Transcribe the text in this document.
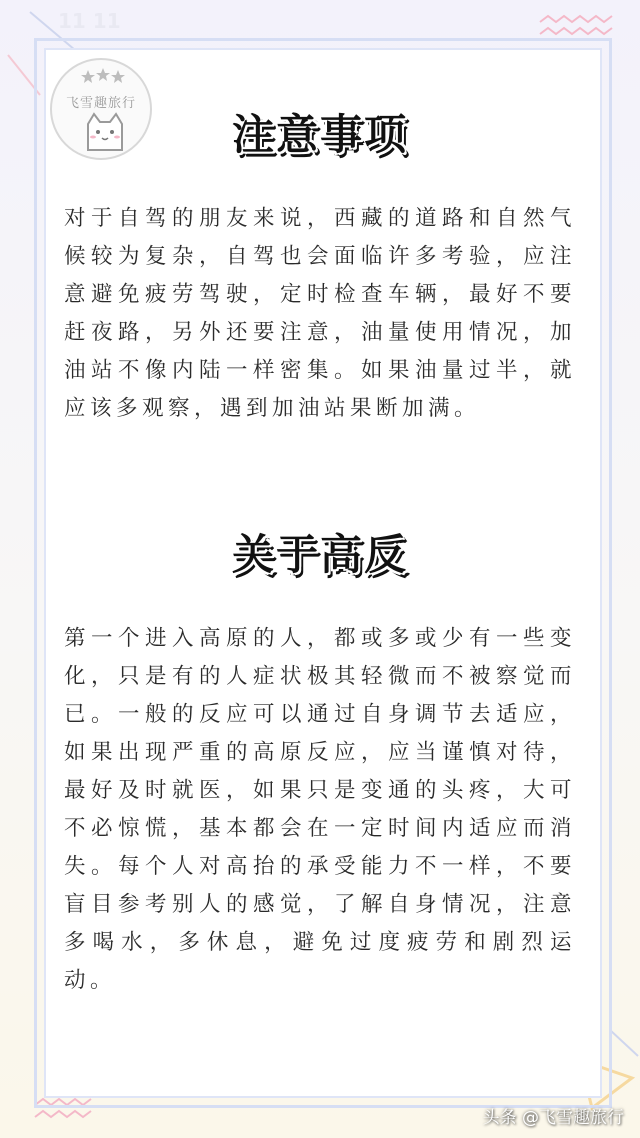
11 11
飞雪趣旅行
注意事项
对于自驾的朋友来说，西藏的道路和自然气候较为复杂，自驾也会面临许多考验，应注意避免疲劳驾驶，定时检查车辆，最好不要赶夜路，另外还要注意，油量使用情况，加油站不像内陆一样密集。如果油量过半，就应该多观察，遇到加油站果断加满。
关于高反
第一个进入高原的人，都或多或少有一些变化，只是有的人症状极其轻微而不被察觉而已。一般的反应可以通过自身调节去适应，如果出现严重的高原反应，应当谨慎对待，最好及时就医，如果只是变通的头疼，大可不必惊慌，基本都会在一定时间内适应而消失。每个人对高抬的承受能力不一样，不要盲目参考别人的感觉，了解自身情况，注意多喝水，多休息，避免过度疲劳和剧烈运动。
头条 @飞雪趣旅行
